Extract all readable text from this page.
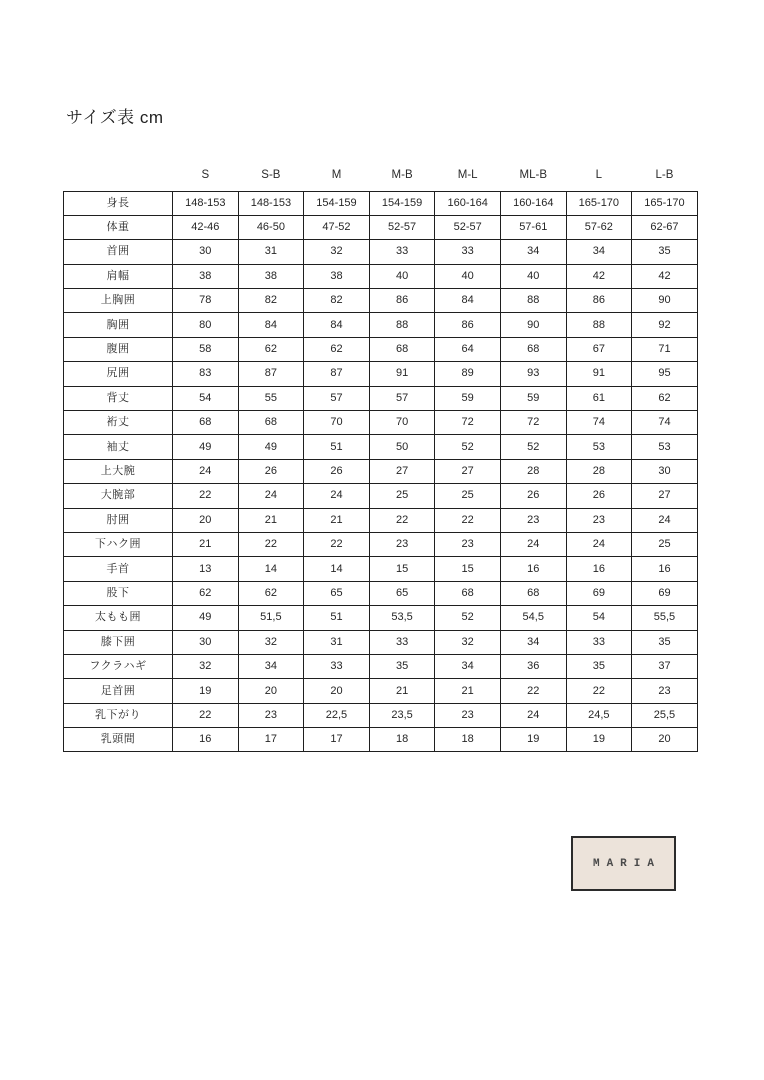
サイズ表 cm
	S	S-B	M	M-B	M-L	ML-B	L	L-B
身長	148-153	148-153	154-159	154-159	160-164	160-164	165-170	165-170
体重	42-46	46-50	47-52	52-57	52-57	57-61	57-62	62-67
首囲	30	31	32	33	33	34	34	35
肩幅	38	38	38	40	40	40	42	42
上胸囲	78	82	82	86	84	88	86	90
胸囲	80	84	84	88	86	90	88	92
腹囲	58	62	62	68	64	68	67	71
尻囲	83	87	87	91	89	93	91	95
背丈	54	55	57	57	59	59	61	62
裄丈	68	68	70	70	72	72	74	74
袖丈	49	49	51	50	52	52	53	53
上大腕	24	26	26	27	27	28	28	30
大腕部	22	24	24	25	25	26	26	27
肘囲	20	21	21	22	22	23	23	24
下ハク囲	21	22	22	23	23	24	24	25
手首	13	14	14	15	15	16	16	16
股下	62	62	65	65	68	68	69	69
太もも囲	49	51,5	51	53,5	52	54,5	54	55,5
膝下囲	30	32	31	33	32	34	33	35
フクラハギ	32	34	33	35	34	36	35	37
足首囲	19	20	20	21	21	22	22	23
乳下がり	22	23	22,5	23,5	23	24	24,5	25,5
乳頭間	16	17	17	18	18	19	19	20
MARIA
